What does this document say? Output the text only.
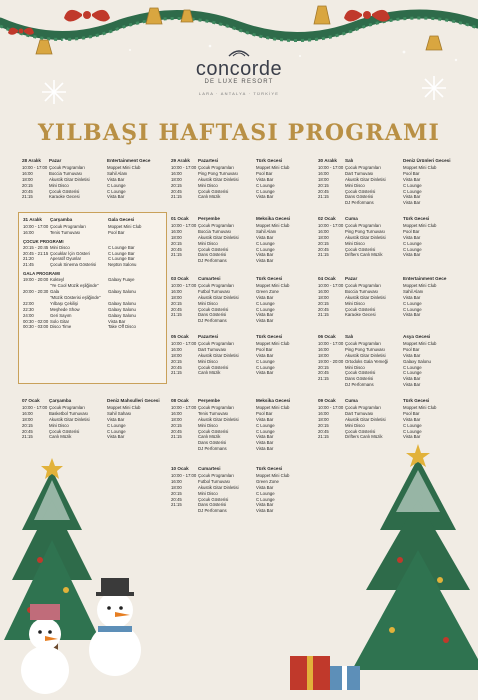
concorde
DE LUXE RESORT
LARA · ANTALYA · TÜRKİYE
YILBAŞI HAFTASI PROGRAMI
28 Aralık	Pazar	Entertainment Gece
10:00 - 17:00 Çocuk Programları	Moppet Mini Club
16:00	Boccia Turnuvası	Sahil Alanı
18:00	Akustik Gitar Dinletisi	Vista Bar
20:15	Mini Disco	C Lounge
20:45	Çocuk Gösterisi	C Lounge
21:15	Karaoke Gecesi	Vista Bar
29 Aralık	Pazartesi	Türk Gecesi
10:00 - 17:00 Çocuk Programları	Moppet Mini Club
16:00	Ping Pong Turnuvası	Pool Bar
18:00	Akustik Gitar Dinletisi	Vista Bar
20:15	Mini Disco	C Lounge
20:45	Çocuk Gösterisi	C Lounge
21:15	Canlı Müzik	Vista Bar
30 Aralık	Salı	Deniz Ürünleri Gecesi
10:00 - 17:00 Çocuk Programları	Moppet Mini Club
16:00	Dart Turnuvası	Pool Bar
18:00	Akustik Gitar Dinletisi	Vista Bar
20:15	Mini Disco	C Lounge
20:45	Çocuk Gösterisi	C Lounge
21:15	Dans Gösterisi	Vista Bar
DJ Performans	Vista Bar
01 Ocak	Perşembe	Meksika Gecesi
10:00 - 17:00 Çocuk Programları	Moppet Mini Club
16:00	Boccia Turnuvası	Sahil Alanı
18:00	Akustik Gitar Dinletisi	Vista Bar
20:15	Mini Disco	C Lounge
20:45	Çocuk Gösterisi	C Lounge
21:15	Dans Gösterisi	Vista Bar
DJ Performans	Vista Bar
02 Ocak	Cuma	Türk Gecesi
10:00 - 17:00 Çocuk Programları	Moppet Mini Club
16:00	Ping Pong Turnuvası	Pool Bar
18:00	Akustik Gitar Dinletisi	Vista Bar
20:15	Mini Disco	C Lounge
20:45	Çocuk Gösterisi	C Lounge
21:15	Drifters Canlı Müzik	Vista Bar
03 Ocak	Cumartesi	Türk Gecesi
10:00 - 17:00 Çocuk Programları	Moppet Mini Club
16:00	Futbol Turnuvası	Green Zone
18:00	Akustik Gitar Dinletisi	Vista Bar
20:15	Mini Disco	C Lounge
20:45	Çocuk Gösterisi	C Lounge
21:15	Dans Gösterisi	Vista Bar
DJ Performans	Vista Bar
04 Ocak	Pazar	Entertainment Gece
10:00 - 17:00 Çocuk Programları	Moppet Mini Club
16:00	Boccia Turnuvası	Sahil Alanı
18:00	Akustik Gitar Dinletisi	Vista Bar
20:15	Mini Disco	C Lounge
20:45	Çocuk Gösterisi	C Lounge
21:15	Karaoke Gecesi	Vista Bar
05 Ocak	Pazartesi	Türk Gecesi
10:00 - 17:00 Çocuk Programları	Moppet Mini Club
16:00	Dart Turnuvası	Pool Bar
18:00	Akustik Gitar Dinletisi	Vista Bar
20:15	Mini Disco	C Lounge
20:45	Çocuk Gösterisi	C Lounge
21:15	Canlı Müzik	Vista Bar
06 Ocak	Salı	Asya Gecesi
10:00 - 17:00 Çocuk Programları	Moppet Mini Club
16:00	Ping Pong Turnuvası	Pool Bar
18:00	Akustik Gitar Dinletisi	Vista Bar
19:00 - 20:00 Ortodoks Gala Yemeği	Galaxy Salonu
20:15	Mini Disco	C Lounge
20:45	Çocuk Gösterisi	C Lounge
21:15	Dans Gösterisi	Vista Bar
DJ Performans	Vista Bar
07 Ocak	Çarşamba	Deniz Mahsulleri Gecesi
10:00 - 17:00 Çocuk Programları	Moppet Mini Club
16:00	Basketbol Turnuvası	Sahil Sahası
18:00	Akustik Gitar Dinletisi	Vista Bar
20:15	Mini Disco	C Lounge
20:45	Çocuk Gösterisi	C Lounge
21:15	Canlı Müzik	Vista Bar
08 Ocak	Perşembe	Meksika Gecesi
10:00 - 17:00 Çocuk Programları	Moppet Mini Club
16:00	Tenis Turnuvası	Pool Bar
18:00	Akustik Gitar Dinletisi	Vista Bar
20:15	Mini Disco	C Lounge
20:45	Çocuk Gösterisi	C Lounge
21:15	Canlı Müzik	Vista Bar
Dans Gösterisi	Vista Bar
DJ Performans	Vista Bar
09 Ocak	Cuma	Türk Gecesi
10:00 - 17:00 Çocuk Programları	Moppet Mini Club
16:00	Dart Turnuvası	Pool Bar
18:00	Akustik Gitar Dinletisi	Vista Bar
20:15	Mini Disco	C Lounge
20:45	Çocuk Gösterisi	C Lounge
21:15	Drifters Canlı Müzik	Vista Bar
10 Ocak	Cumartesi	Türk Gecesi
10:00 - 17:00 Çocuk Programları	Moppet Mini Club
16:00	Futbol Turnuvası	Green Zone
18:00	Akustik Gitar Dinletisi	Vista Bar
20:15	Mini Disco	C Lounge
20:45	Çocuk Gösterisi	C Lounge
21:15	Dans Gösterisi	Vista Bar
DJ Performans	Vista Bar
31 Aralık	Çarşamba	Gala Gecesi
10:00 - 17:00 Çocuk Programları	Moppet Mini Club
16:00	Tenis Turnuvası	Pool Bar
ÇOCUK PROGRAMI
20:15 - 20:45 Mini Disco	C Lounge Bar
20:45 - 21:15 Çocuklar İçin Gösteri	C Lounge Bar
21:20	Aperatif Oyunlar	C Lounge Bar
21:45	Çocuk Sinema Gösterisi	Neptün Salonu
GALA PROGRAMI
19:00 - 20:00 Kokteyl	Galaxy Fuaye
"Ye Cool Müzik eşliğinde"
20:00 - 20:30 Gala	Galaxy Salonu
"Müzik Gösterisi eşliğinde"
22:00	Yılbaşı Çekilişi	Galaxy Salonu
22:30	Meşhede Show	Galaxy Salonu
24:00	Geri Sayım	Galaxy Salonu
00:30 - 02:00 Solo Gitar	Vista Bar
00:30 - 03:00 Disco Time	Take Off Disco
